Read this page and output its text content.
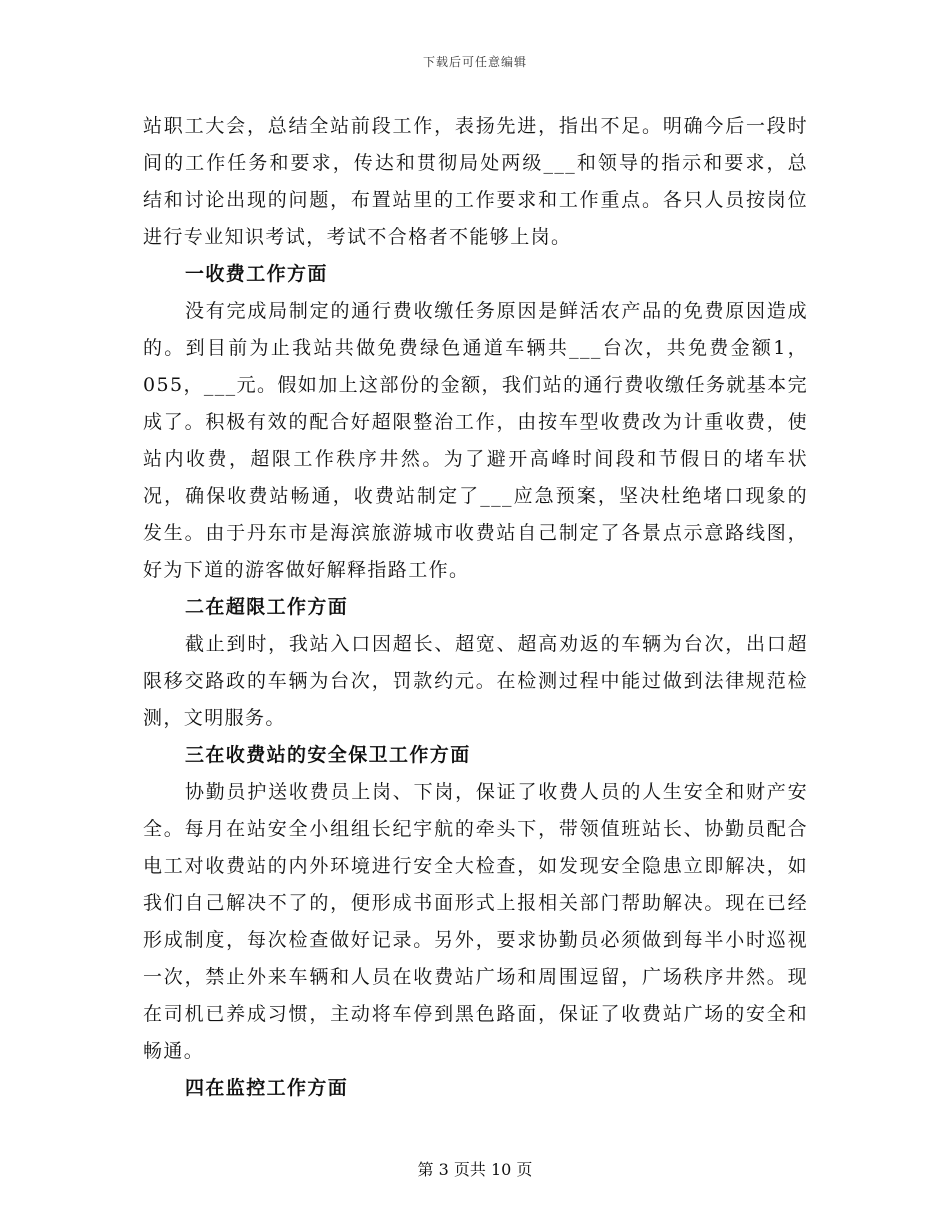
下载后可任意编辑

站职工大会，总结全站前段工作，表扬先进，指出不足。明确今后一段时间的工作任务和要求，传达和贯彻局处两级___和领导的指示和要求，总结和讨论出现的问题，布置站里的工作要求和工作重点。各只人员按岗位进行专业知识考试，考试不合格者不能够上岗。

一收费工作方面

没有完成局制定的通行费收缴任务原因是鲜活农产品的免费原因造成的。到目前为止我站共做免费绿色通道车辆共___台次，共免费金额1，055，___元。假如加上这部份的金额，我们站的通行费收缴任务就基本完成了。积极有效的配合好超限整治工作，由按车型收费改为计重收费，使站内收费，超限工作秩序井然。为了避开高峰时间段和节假日的堵车状况，确保收费站畅通，收费站制定了___应急预案，坚决杜绝堵口现象的发生。由于丹东市是海滨旅游城市收费站自己制定了各景点示意路线图，好为下道的游客做好解释指路工作。

二在超限工作方面

截止到时，我站入口因超长、超宽、超高劝返的车辆为台次，出口超限移交路政的车辆为台次，罚款约元。在检测过程中能过做到法律规范检测，文明服务。

三在收费站的安全保卫工作方面

协勤员护送收费员上岗、下岗，保证了收费人员的人生安全和财产安全。每月在站安全小组组长纪宇航的牵头下，带领值班站长、协勤员配合电工对收费站的内外环境进行安全大检查，如发现安全隐患立即解决，如我们自己解决不了的，便形成书面形式上报相关部门帮助解决。现在已经形成制度，每次检查做好记录。另外，要求协勤员必须做到每半小时巡视一次，禁止外来车辆和人员在收费站广场和周围逗留，广场秩序井然。现在司机已养成习惯，主动将车停到黑色路面，保证了收费站广场的安全和畅通。

四在监控工作方面
第 3 页共 10 页
